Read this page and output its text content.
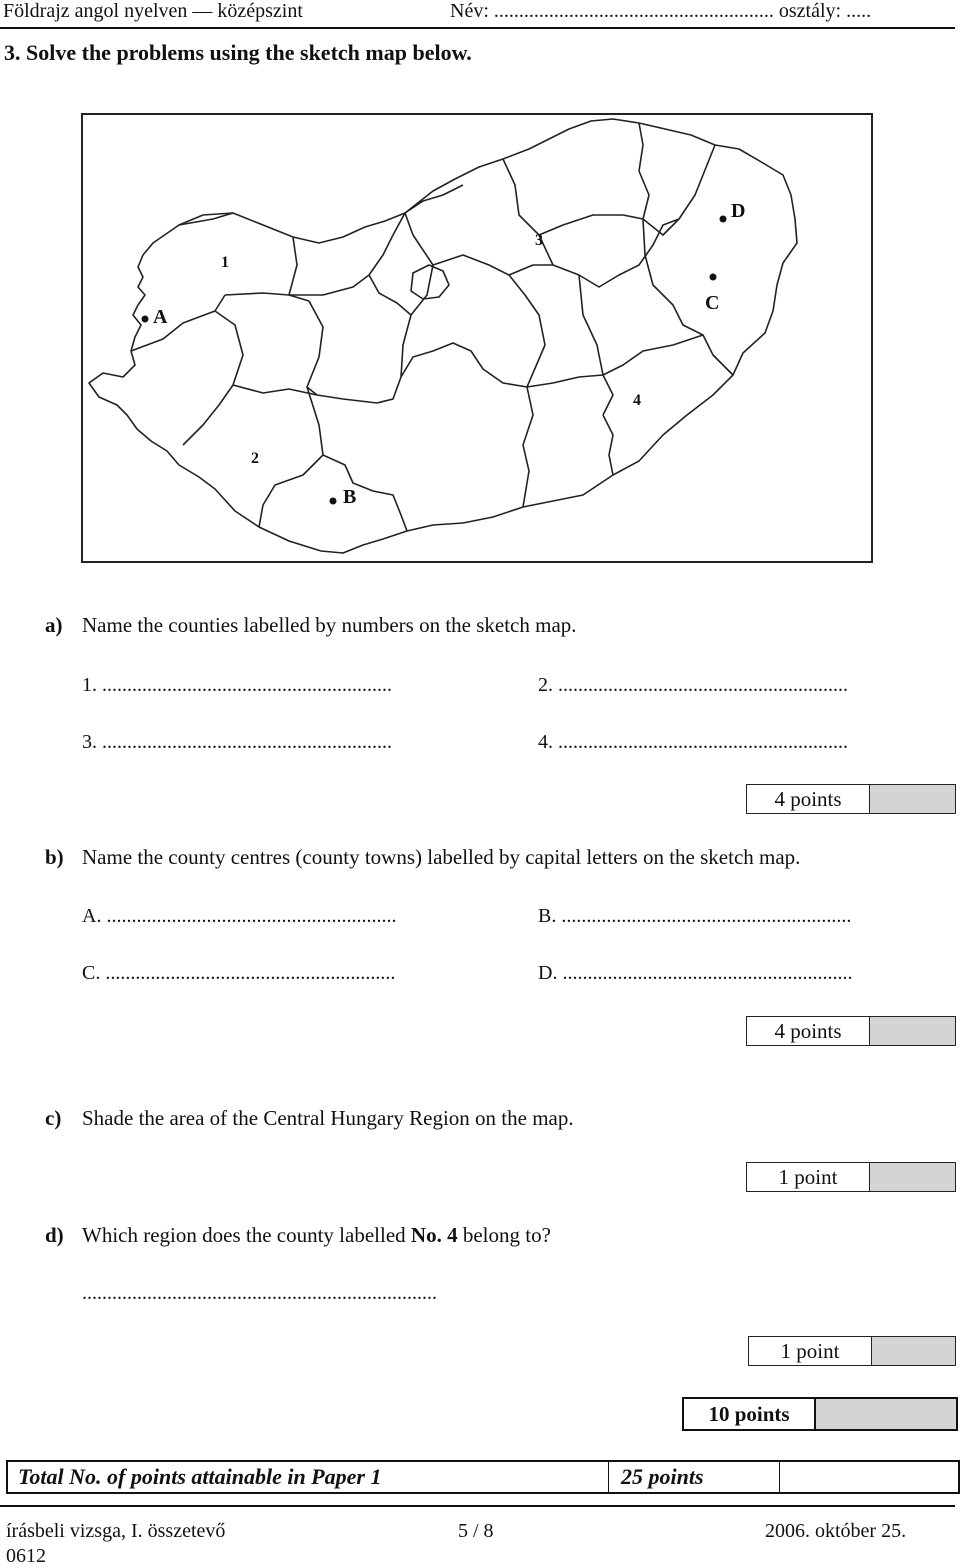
Földrajz angol nyelven — középszint	Név: ........................................................ osztály: .....
3. Solve the problems using the sketch map below.
1
2
3
4
A
B
C
D
a) Name the counties labelled by numbers on the sketch map.
1. ..........................................................	2. ..........................................................
3. ..........................................................	4. ..........................................................
4 points
b) Name the county centres (county towns) labelled by capital letters on the sketch map.
A. ..........................................................	B. ..........................................................
C. ..........................................................	D. ..........................................................
4 points
c) Shade the area of the Central Hungary Region on the map.
1 point
d) Which region does the county labelled No. 4 belong to?
.......................................................................
1 point
10 points
Total No. of points attainable in Paper 1	25 points
írásbeli vizsga, I. összetevő
0612
5 / 8	2006. október 25.
